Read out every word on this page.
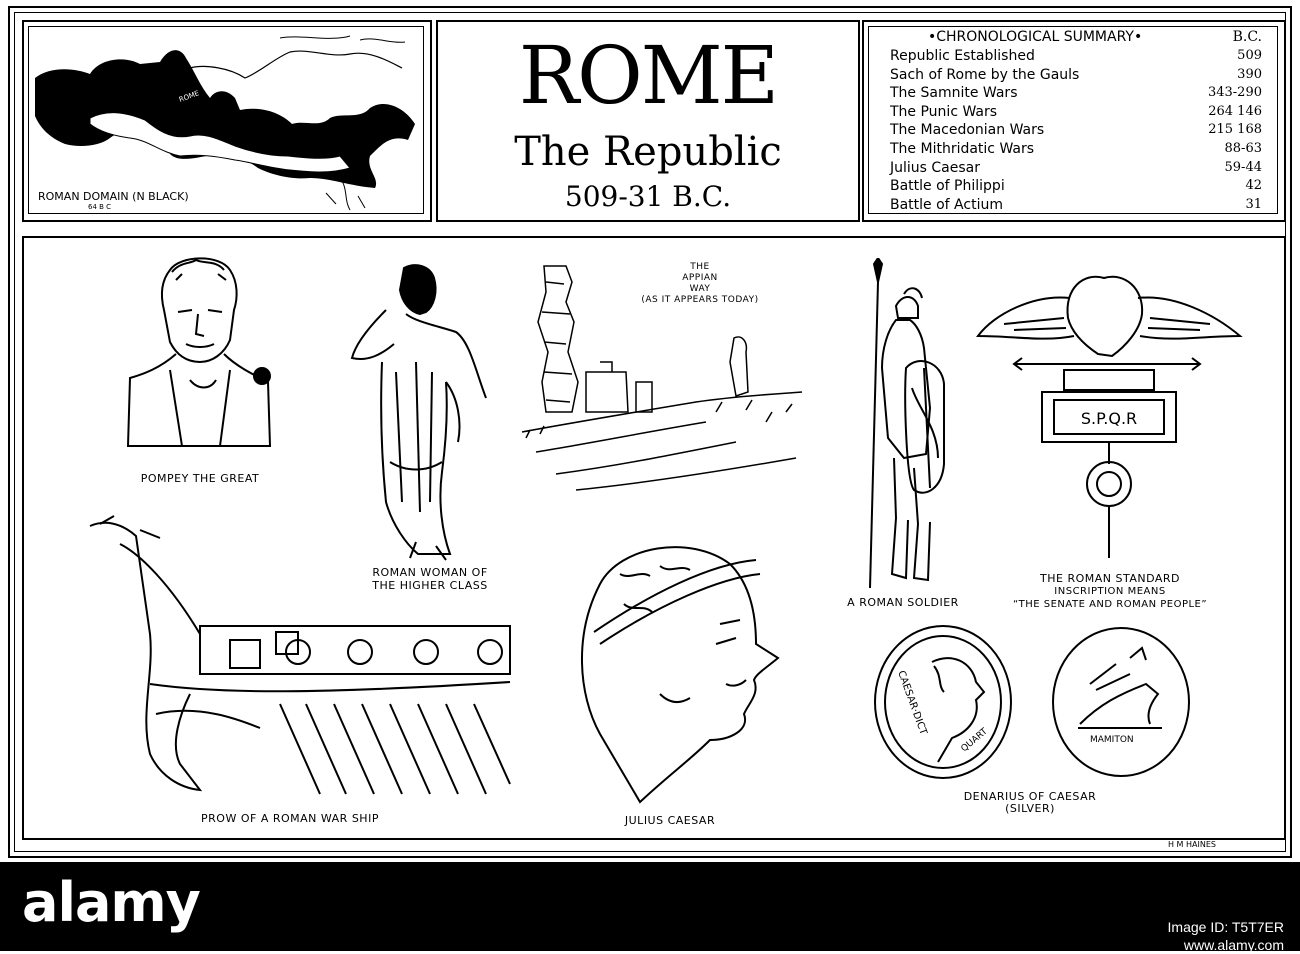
ROME
ROMAN DOMAIN (N BLACK)
64 B C
ROME
The Republic
509-31 B.C.
•CHRONOLOGICAL SUMMARY•	B.C.
Republic Established	509
Sach of Rome by the Gauls	390
The Samnite Wars	343-290
The Punic Wars	264 146
The Macedonian Wars	215 168
The Mithridatic Wars	88-63
Julius Caesar	59-44
Battle of Philippi	42
Battle of Actium	31
POMPEY THE GREAT
ROMAN WOMAN OF
THE HIGHER CLASS
THE
APPIAN
WAY
(AS IT APPEARS TODAY)
A ROMAN SOLDIER
S.P.Q.R
THE ROMAN STANDARD
INSCRIPTION MEANS
“THE SENATE AND ROMAN PEOPLE”
PROW OF A ROMAN WAR SHIP	JULIUS CAESAR
CAESAR·DICT
QUART	MAMITON
DENARIUS OF CAESAR
(SILVER)
H M HAINES
alamy	Image ID: T5T7ER
www.alamy.com
